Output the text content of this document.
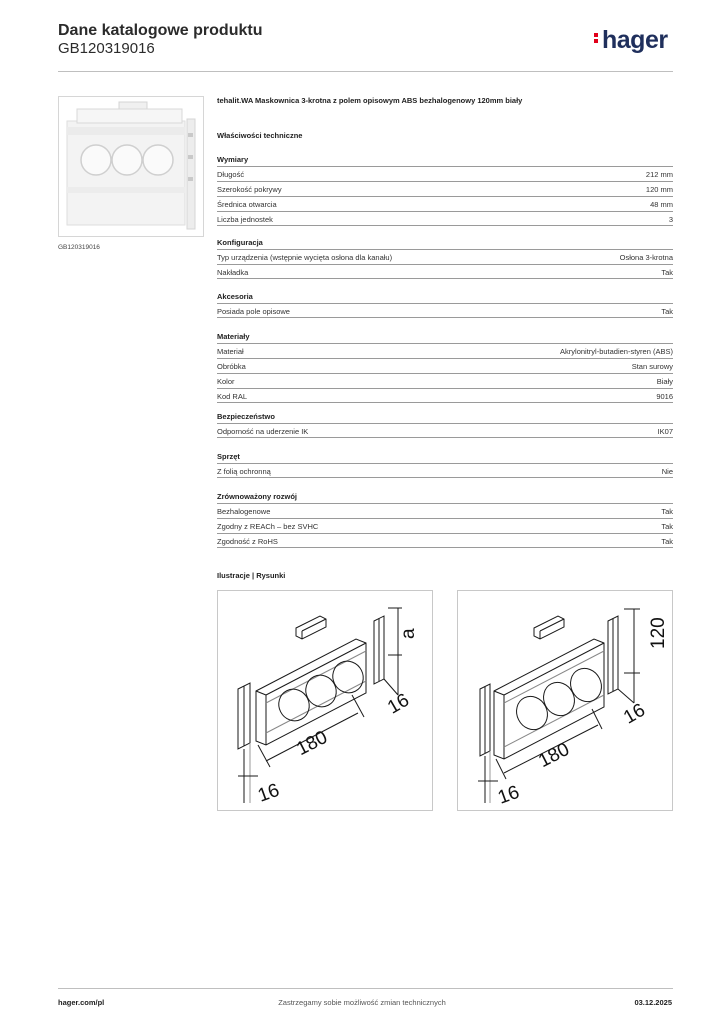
Dane katalogowe produktu
GB120319016	hager
GB120319016
tehalit.WA Maskownica 3-krotna z polem opisowym ABS bezhalogenowy 120mm biały
Właściwości techniczne
Wymiary
Długość	212 mm
Szerokość pokrywy	120 mm
Średnica otwarcia	48 mm
Liczba jednostek	3
Konfiguracja
Typ urządzenia (wstępnie wycięta osłona dla kanału)	Osłona 3-krotna
Nakładka	Tak
Akcesoria
Posiada pole opisowe	Tak
Materiały
Materiał	Akrylonitryl-butadien-styren (ABS)
Obróbka	Stan surowy
Kolor	Biały
Kod RAL	9016
Bezpieczeństwo
Odporność na uderzenie IK	IK07
Sprzęt
Z folią ochronną	Nie
Zrównoważony rozwój
Bezhalogenowe	Tak
Zgodny z REACh – bez SVHC	Tak
Zgodność z RoHS	Tak
Ilustracje | Rysunki
a
16
180
16
120
16
180
16
Zastrzegamy sobie możliwość zmian technicznych
hager.com/pl	03.12.2025
